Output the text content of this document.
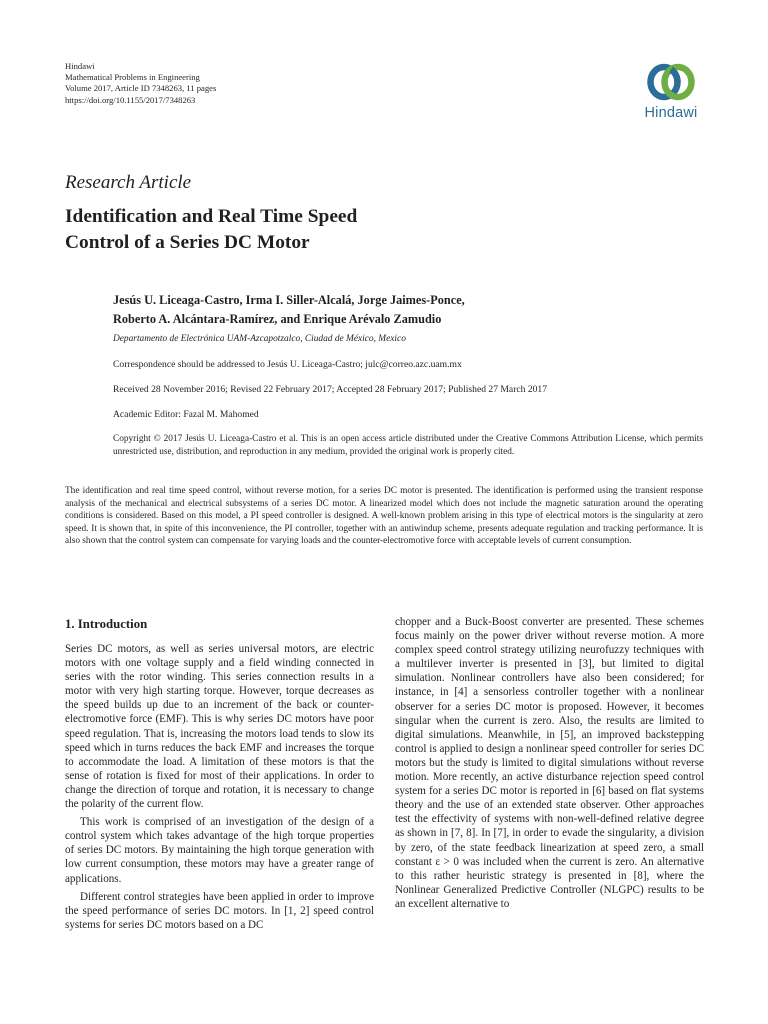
Hindawi
Mathematical Problems in Engineering
Volume 2017, Article ID 7348263, 11 pages
https://doi.org/10.1155/2017/7348263
Hindawi
Research Article
Identification and Real Time Speed
Control of a Series DC Motor
Jesús U. Liceaga-Castro, Irma I. Siller-Alcalá, Jorge Jaimes-Ponce,
Roberto A. Alcántara-Ramírez, and Enrique Arévalo Zamudio
Departamento de Electrónica UAM-Azcapotzalco, Ciudad de México, Mexico
Correspondence should be addressed to Jesús U. Liceaga-Castro; julc@correo.azc.uam.mx
Received 28 November 2016; Revised 22 February 2017; Accepted 28 February 2017; Published 27 March 2017
Academic Editor: Fazal M. Mahomed
Copyright © 2017 Jesús U. Liceaga-Castro et al. This is an open access article distributed under the Creative Commons Attribution License, which permits unrestricted use, distribution, and reproduction in any medium, provided the original work is properly cited.
The identification and real time speed control, without reverse motion, for a series DC motor is presented. The identification is performed using the transient response analysis of the mechanical and electrical subsystems of a series DC motor. A linearized model which does not include the magnetic saturation around the operating conditions is considered. Based on this model, a PI speed controller is designed. A well-known problem arising in this type of electrical motors is the singularity at zero speed. It is shown that, in spite of this inconvenience, the PI controller, together with an antiwindup scheme, presents adequate regulation and tracking performance. It is also shown that the control system can compensate for varying loads and the counter-electromotive force with acceptable levels of current consumption.
1. Introduction

Series DC motors, as well as series universal motors, are electric motors with one voltage supply and a field winding connected in series with the rotor winding. This series connection results in a motor with very high starting torque. However, torque decreases as the speed builds up due to an increment of the back or counter-electromotive force (EMF). This is why series DC motors have poor speed regulation. That is, increasing the motors load tends to slow its speed which in turns reduces the back EMF and increases the torque to accommodate the load. A limitation of these motors is that the sense of rotation is fixed for most of their applications. In order to change the direction of torque and rotation, it is necessary to change the polarity of the current flow.

This work is comprised of an investigation of the design of a control system which takes advantage of the high torque properties of series DC motors. By maintaining the high torque generation with low current consumption, these motors may have a greater range of applications.

Different control strategies have been applied in order to improve the speed performance of series DC motors. In [1, 2] speed control systems for series DC motors based on a DC

chopper and a Buck-Boost converter are presented. These schemes focus mainly on the power driver without reverse motion. A more complex speed control strategy utilizing neurofuzzy techniques with a multilever inverter is presented in [3], but limited to digital simulation. Nonlinear controllers have also been considered; for instance, in [4] a sensorless controller together with a nonlinear observer for a series DC motor is proposed. However, it becomes singular when the current is zero. Also, the results are limited to digital simulations. Meanwhile, in [5], an improved backstepping control is applied to design a nonlinear speed controller for series DC motors but the study is limited to digital simulations without reverse motion. More recently, an active disturbance rejection speed control system for a series DC motor is reported in [6] based on flat systems theory and the use of an extended state observer. Other approaches test the effectivity of systems with non-well-defined relative degree as shown in [7, 8]. In [7], in order to evade the singularity, a division by zero, of the state feedback linearization at speed zero, a small constant ε > 0 was included when the current is zero. An alternative to this rather heuristic strategy is presented in [8], where the Nonlinear Generalized Predictive Controller (NLGPC) results to be an excellent alternative to
